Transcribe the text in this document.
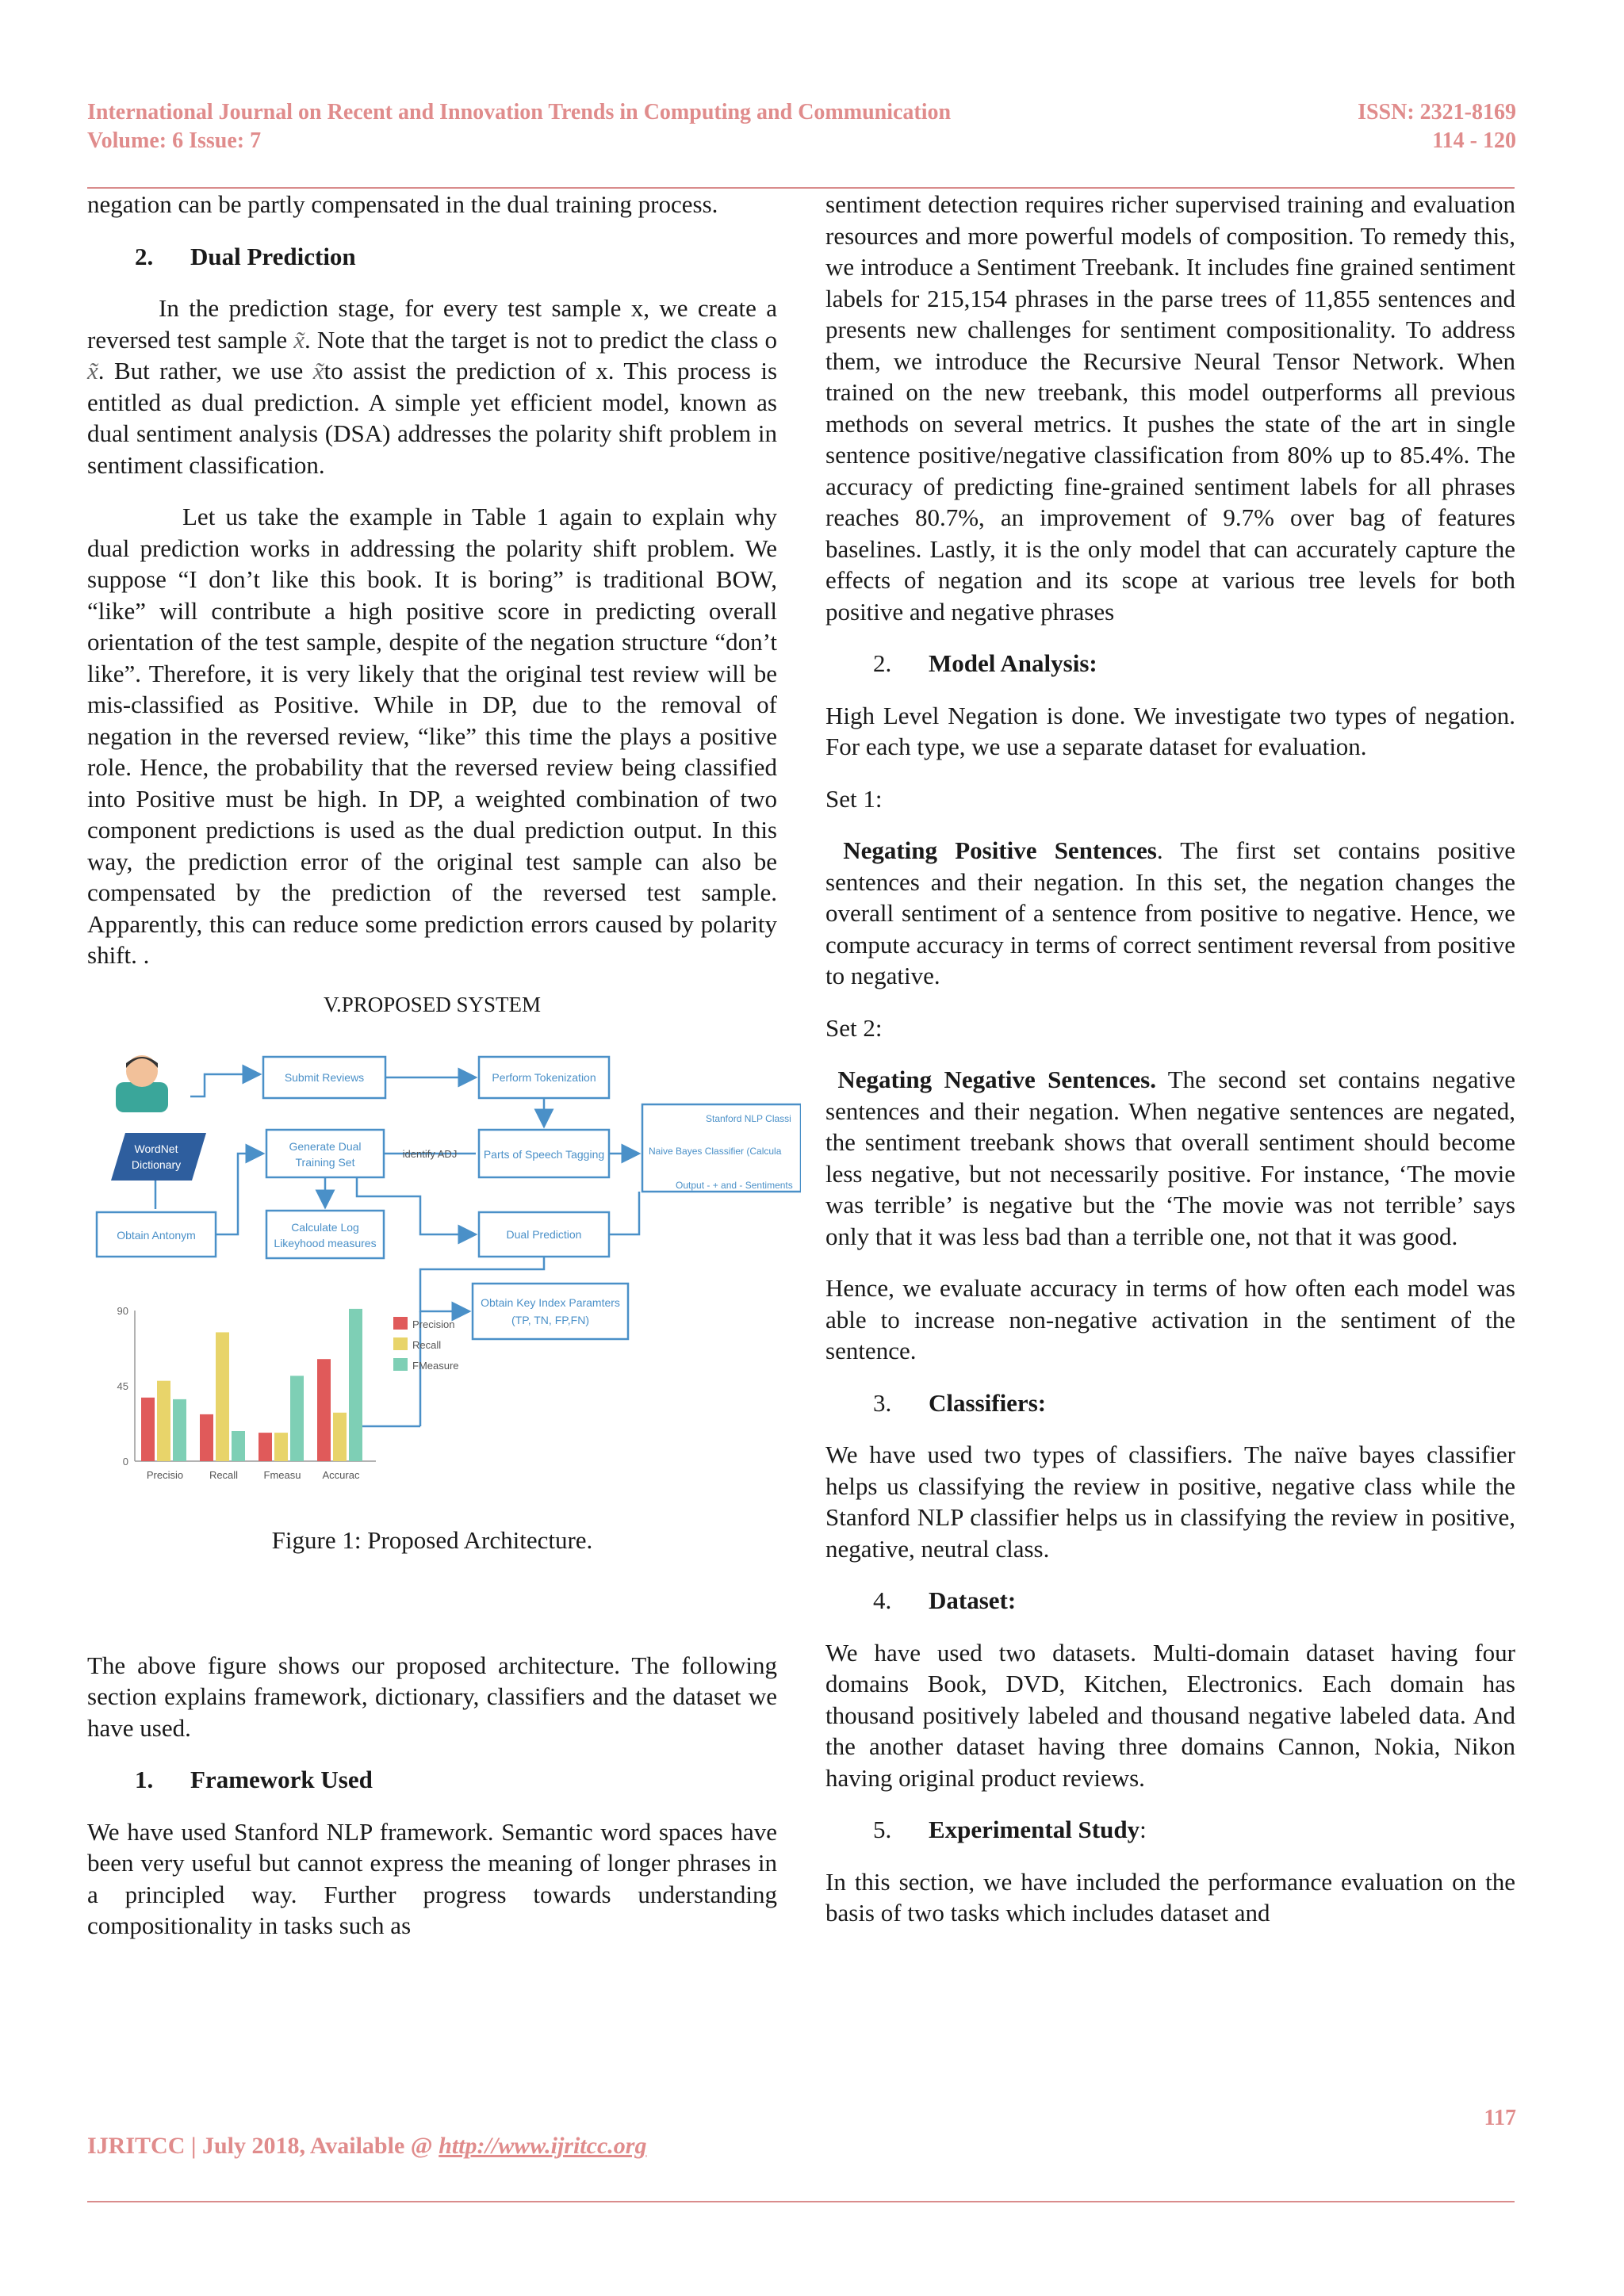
International Journal on Recent and Innovation Trends in Computing and Communication
Volume: 6 Issue: 7
ISSN: 2321-8169
114 - 120

negation can be partly compensated in the dual training process.

2. Dual Prediction

In the prediction stage, for every test sample x, we create a reversed test sample x̃. Note that the target is not to predict the class o x̃. But rather, we use x̃to assist the prediction of x. This process is entitled as dual prediction. A simple yet efficient model, known as dual sentiment analysis (DSA) addresses the polarity shift problem in sentiment classification.

Let us take the example in Table 1 again to explain why dual prediction works in addressing the polarity shift problem. We suppose “I don’t like this book. It is boring” is traditional BOW, “like” will contribute a high positive score in predicting overall orientation of the test sample, despite of the negation structure “don’t like”. Therefore, it is very likely that the original test review will be mis-classified as Positive. While in DP, due to the removal of negation in the reversed review, “like” this time the plays a positive role. Hence, the probability that the reversed review being classified into Positive must be high. In DP, a weighted combination of two component predictions is used as the dual prediction output. In this way, the prediction error of the original test sample can also be compensated by the prediction of the reversed test sample. Apparently, this can reduce some prediction errors caused by polarity shift. .

V.PROPOSED SYSTEM
Submit Reviews	Perform Tokenization
Generate Dual
Training Set
identify ADJ Parts of Speech Tagging
WordNet
Dictionary
Obtain Antonym
Calculate Log
Likeyhood measures
Dual Prediction
Obtain Key Index Paramters
(TP, TN, FP,FN)
Stanford NLP Classi
Naive Bayes Classifier (Calcula
Output - + and - Sentiments
0
45
90
Precisio	Recall Fmeasu Accurac
Precision
Recall
FMeasure
Figure 1: Proposed Architecture.

The above figure shows our proposed architecture. The following section explains framework, dictionary, classifiers and the dataset we have used.

1. Framework Used

We have used Stanford NLP framework. Semantic word spaces have been very useful but cannot express the meaning of longer phrases in a principled way. Further progress towards understanding compositionality in tasks such as

sentiment detection requires richer supervised training and evaluation resources and more powerful models of composition. To remedy this, we introduce a Sentiment Treebank. It includes fine grained sentiment labels for 215,154 phrases in the parse trees of 11,855 sentences and presents new challenges for sentiment compositionality. To address them, we introduce the Recursive Neural Tensor Network. When trained on the new treebank, this model outperforms all previous methods on several metrics. It pushes the state of the art in single sentence positive/negative classification from 80% up to 85.4%. The accuracy of predicting fine-grained sentiment labels for all phrases reaches 80.7%, an improvement of 9.7% over bag of features baselines. Lastly, it is the only model that can accurately capture the effects of negation and its scope at various tree levels for both positive and negative phrases

2. Model Analysis:

High Level Negation is done. We investigate two types of negation. For each type, we use a separate dataset for evaluation.

Set 1:

Negating Positive Sentences. The first set contains positive sentences and their negation. In this set, the negation changes the overall sentiment of a sentence from positive to negative. Hence, we compute accuracy in terms of correct sentiment reversal from positive to negative.

Set 2:

Negating Negative Sentences. The second set contains negative sentences and their negation. When negative sentences are negated, the sentiment treebank shows that overall sentiment should become less negative, but not necessarily positive. For instance, ‘The movie was terrible’ is negative but the ‘The movie was not terrible’ says only that it was less bad than a terrible one, not that it was good.

Hence, we evaluate accuracy in terms of how often each model was able to increase non-negative activation in the sentiment of the sentence.

3. Classifiers:

We have used two types of classifiers. The naïve bayes classifier helps us classifying the review in positive, negative class while the Stanford NLP classifier helps us in classifying the review in positive, negative, neutral class.

4. Dataset:

We have used two datasets. Multi-domain dataset having four domains Book, DVD, Kitchen, Electronics. Each domain has thousand positively labeled and thousand negative labeled data. And the another dataset having three domains Cannon, Nokia, Nikon having original product reviews.

5. Experimental Study:

In this section, we have included the performance evaluation on the basis of two tasks which includes dataset and

117
IJRITCC | July 2018, Available @ http://www.ijritcc.org
